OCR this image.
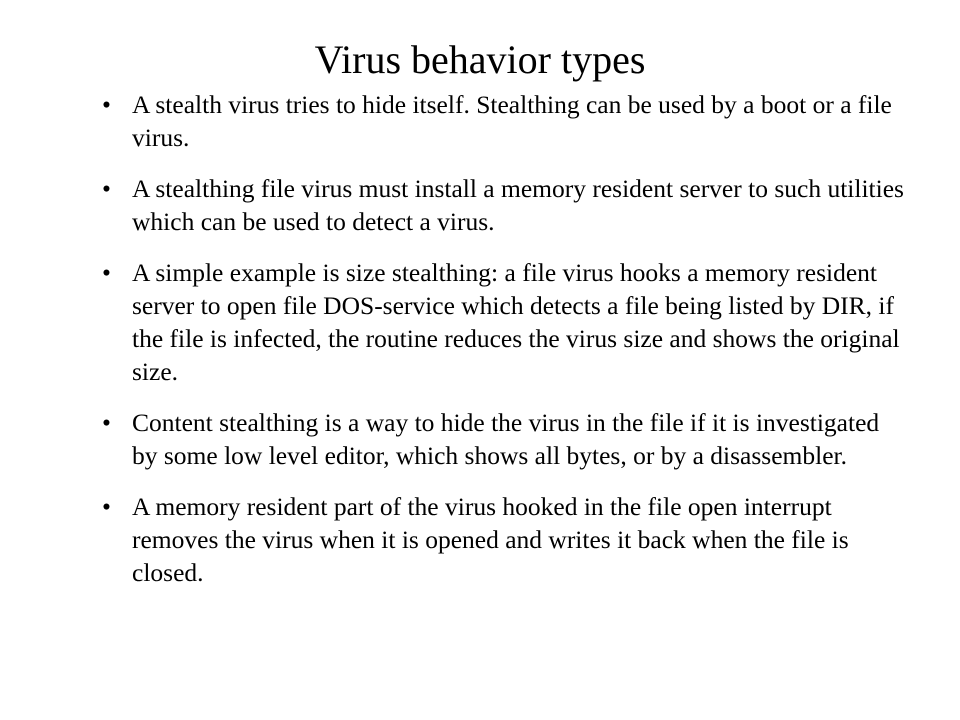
Virus behavior types
• A stealth virus tries to hide itself. Stealthing can be used by a boot or a file virus.
• A stealthing file virus must install a memory resident server to such utilities which can be used to detect a virus.
• A simple example is size stealthing: a file virus hooks a memory resident server to open file DOS-service which detects a file being listed by DIR, if the file is infected, the routine reduces the virus size and shows the original size.
• Content stealthing is a way to hide the virus in the file if it is investigated by some low level editor, which shows all bytes, or by a disassembler.
• A memory resident part of the virus hooked in the file open interrupt removes the virus when it is opened and writes it back when the file is closed.
